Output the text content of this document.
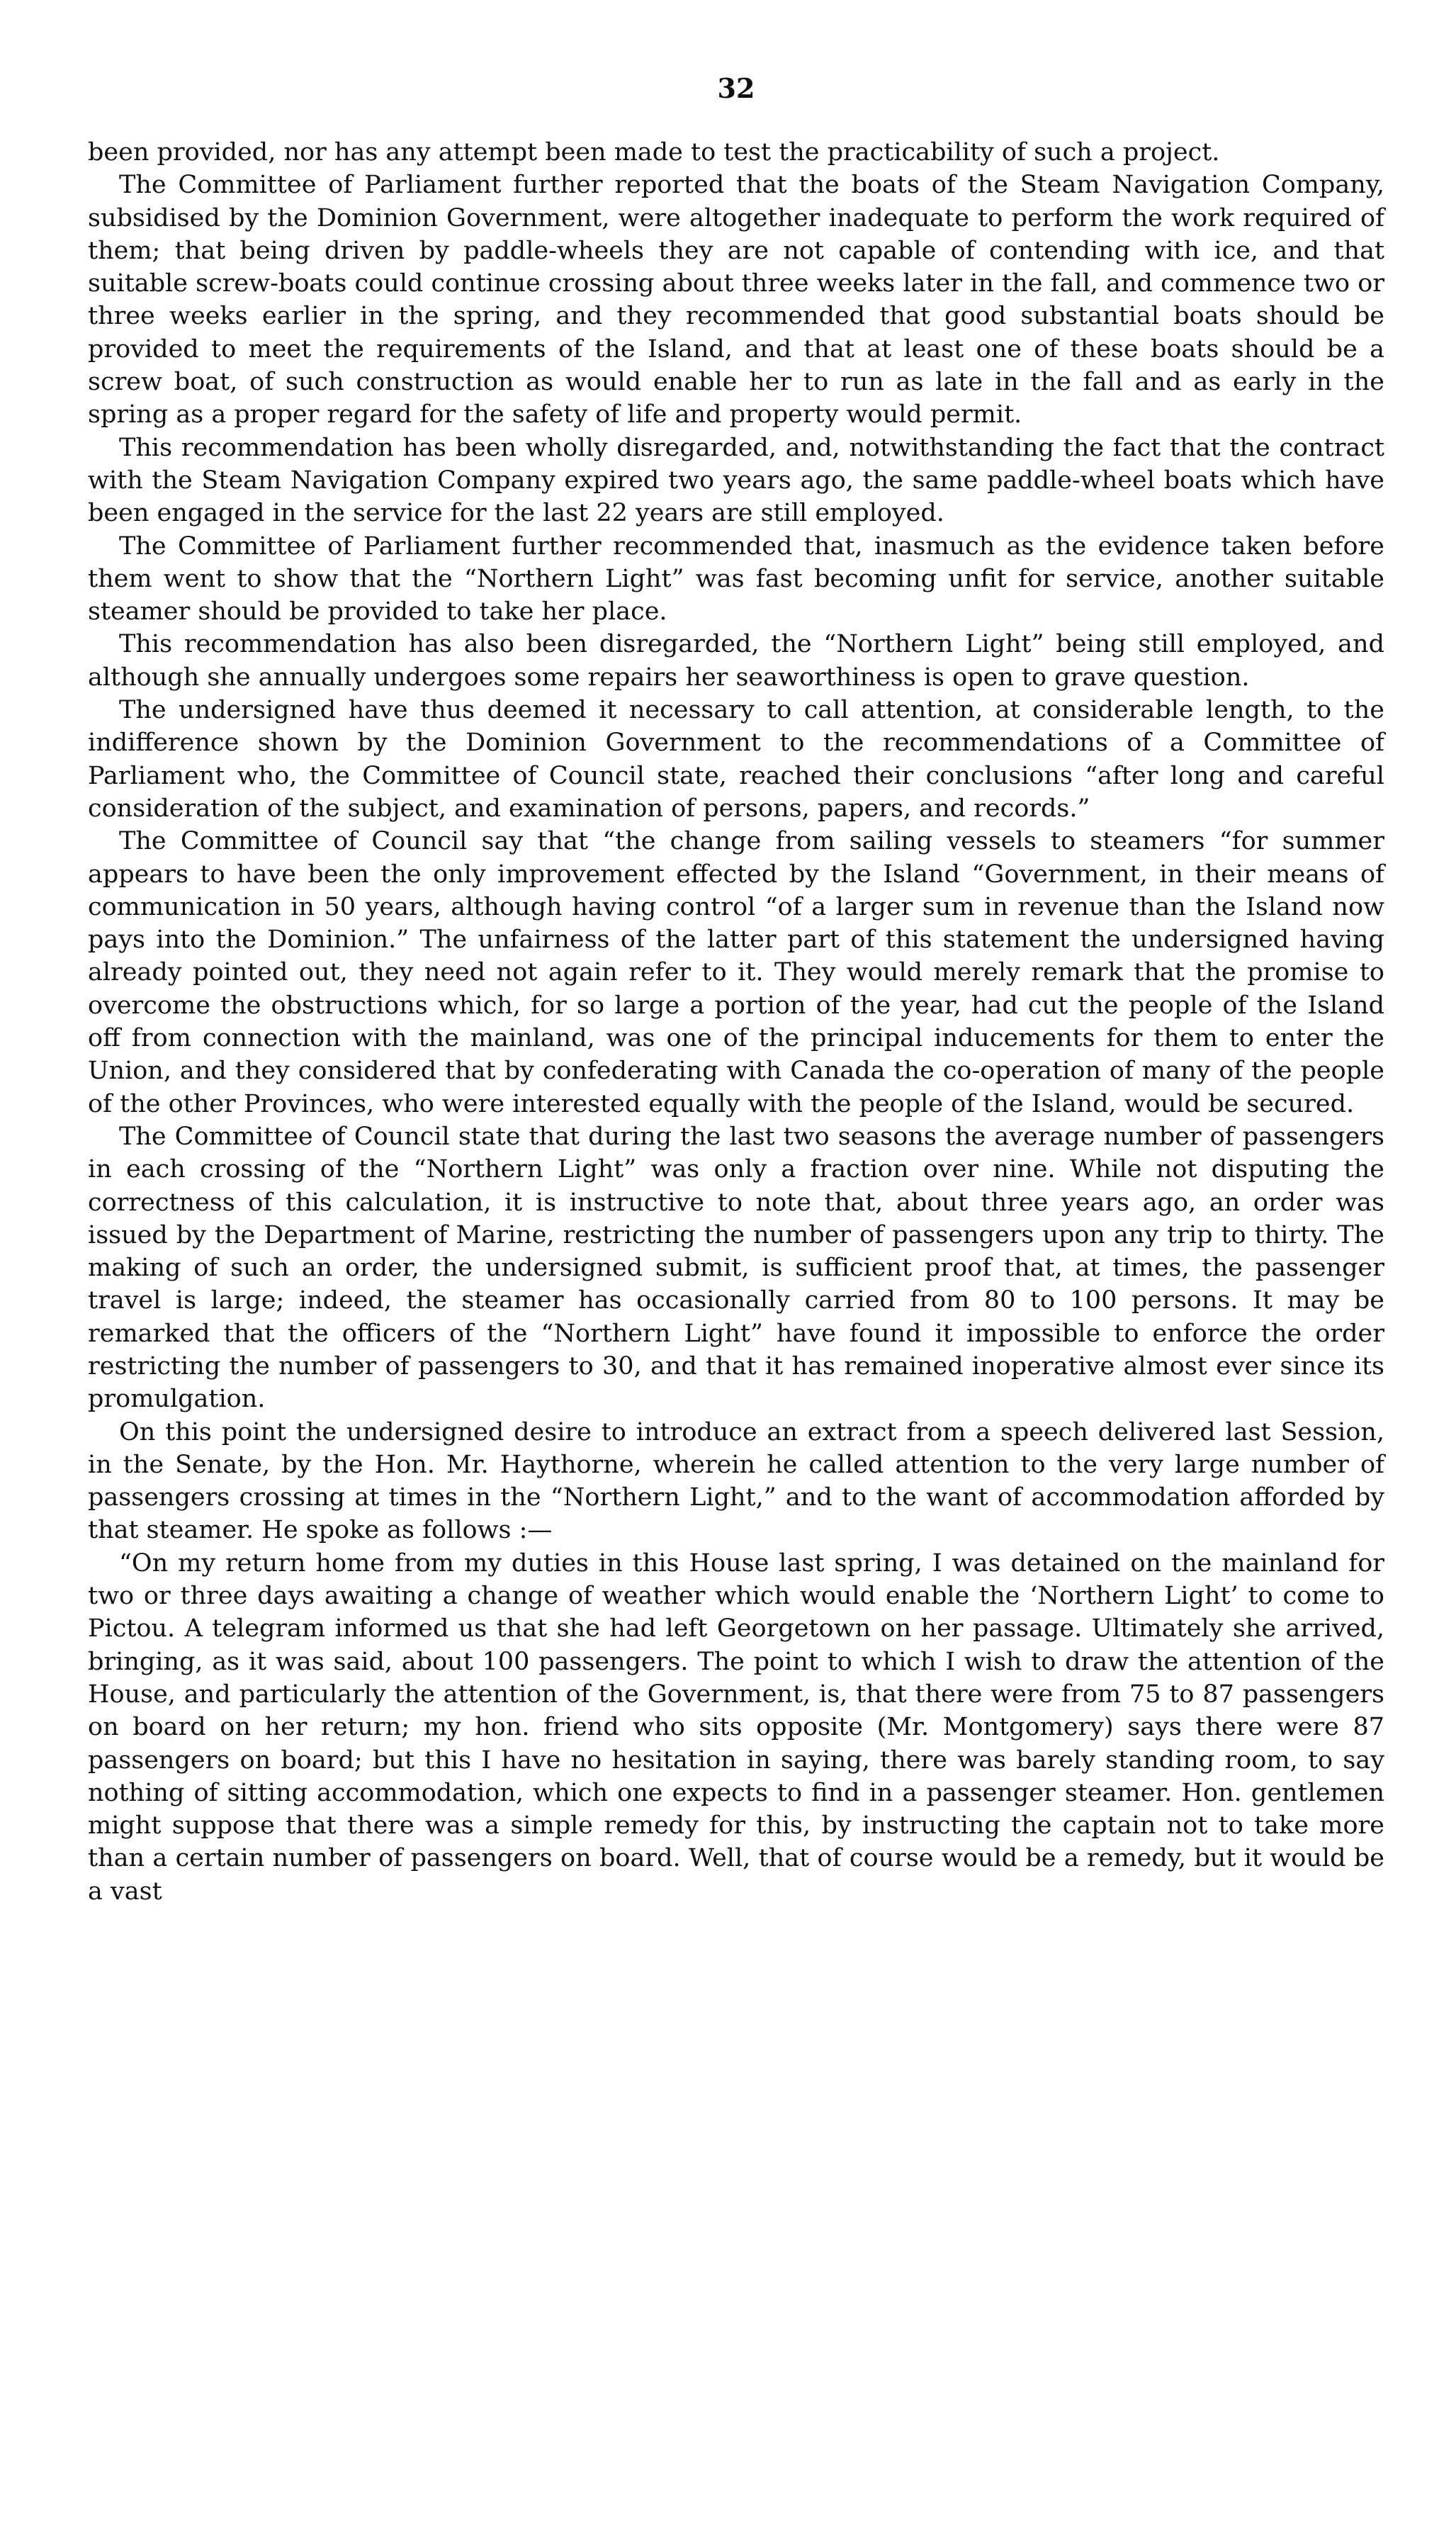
32

been provided, nor has any attempt been made to test the practicability of such a project.

The Committee of Parliament further reported that the boats of the Steam Navigation Company, subsidised by the Dominion Government, were altogether inadequate to perform the work required of them; that being driven by paddle-wheels they are not capable of contending with ice, and that suitable screw-boats could continue crossing about three weeks later in the fall, and commence two or three weeks earlier in the spring, and they recommended that good substantial boats should be provided to meet the requirements of the Island, and that at least one of these boats should be a screw boat, of such construction as would enable her to run as late in the fall and as early in the spring as a proper regard for the safety of life and property would permit.

This recommendation has been wholly disregarded, and, notwithstanding the fact that the contract with the Steam Navigation Company expired two years ago, the same paddle-wheel boats which have been engaged in the service for the last 22 years are still employed.

The Committee of Parliament further recommended that, inasmuch as the evidence taken before them went to show that the “Northern Light” was fast becoming unfit for service, another suitable steamer should be provided to take her place.

This recommendation has also been disregarded, the “Northern Light” being still employed, and although she annually undergoes some repairs her seaworthiness is open to grave question.

The undersigned have thus deemed it necessary to call attention, at considerable length, to the indifference shown by the Dominion Government to the recommendations of a Committee of Parliament who, the Committee of Council state, reached their conclusions “after long and careful consideration of the subject, and examination of persons, papers, and records.”

The Committee of Council say that “the change from sailing vessels to steamers “for summer appears to have been the only improvement effected by the Island “Government, in their means of communication in 50 years, although having control “of a larger sum in revenue than the Island now pays into the Dominion.” The unfairness of the latter part of this statement the undersigned having already pointed out, they need not again refer to it. They would merely remark that the promise to overcome the obstructions which, for so large a portion of the year, had cut the people of the Island off from connection with the mainland, was one of the principal inducements for them to enter the Union, and they considered that by confederating with Canada the co-operation of many of the people of the other Provinces, who were interested equally with the people of the Island, would be secured.

The Committee of Council state that during the last two seasons the average number of passengers in each crossing of the “Northern Light” was only a fraction over nine. While not disputing the correctness of this calculation, it is instructive to note that, about three years ago, an order was issued by the Department of Marine, restricting the number of passengers upon any trip to thirty. The making of such an order, the undersigned submit, is sufficient proof that, at times, the passenger travel is large; indeed, the steamer has occasionally carried from 80 to 100 persons. It may be remarked that the officers of the “Northern Light” have found it impossible to enforce the order restricting the number of passengers to 30, and that it has remained inoperative almost ever since its promulgation.

On this point the undersigned desire to introduce an extract from a speech delivered last Session, in the Senate, by the Hon. Mr. Haythorne, wherein he called attention to the very large number of passengers crossing at times in the “Northern Light,” and to the want of accommodation afforded by that steamer. He spoke as follows :—

“On my return home from my duties in this House last spring, I was detained on the mainland for two or three days awaiting a change of weather which would enable the ‘Northern Light’ to come to Pictou. A telegram informed us that she had left Georgetown on her passage. Ultimately she arrived, bringing, as it was said, about 100 passengers. The point to which I wish to draw the attention of the House, and particularly the attention of the Government, is, that there were from 75 to 87 passengers on board on her return; my hon. friend who sits opposite (Mr. Montgomery) says there were 87 passengers on board; but this I have no hesitation in saying, there was barely standing room, to say nothing of sitting accommodation, which one expects to find in a passenger steamer. Hon. gentlemen might suppose that there was a simple remedy for this, by instructing the captain not to take more than a certain number of passengers on board. Well, that of course would be a remedy, but it would be a vast
